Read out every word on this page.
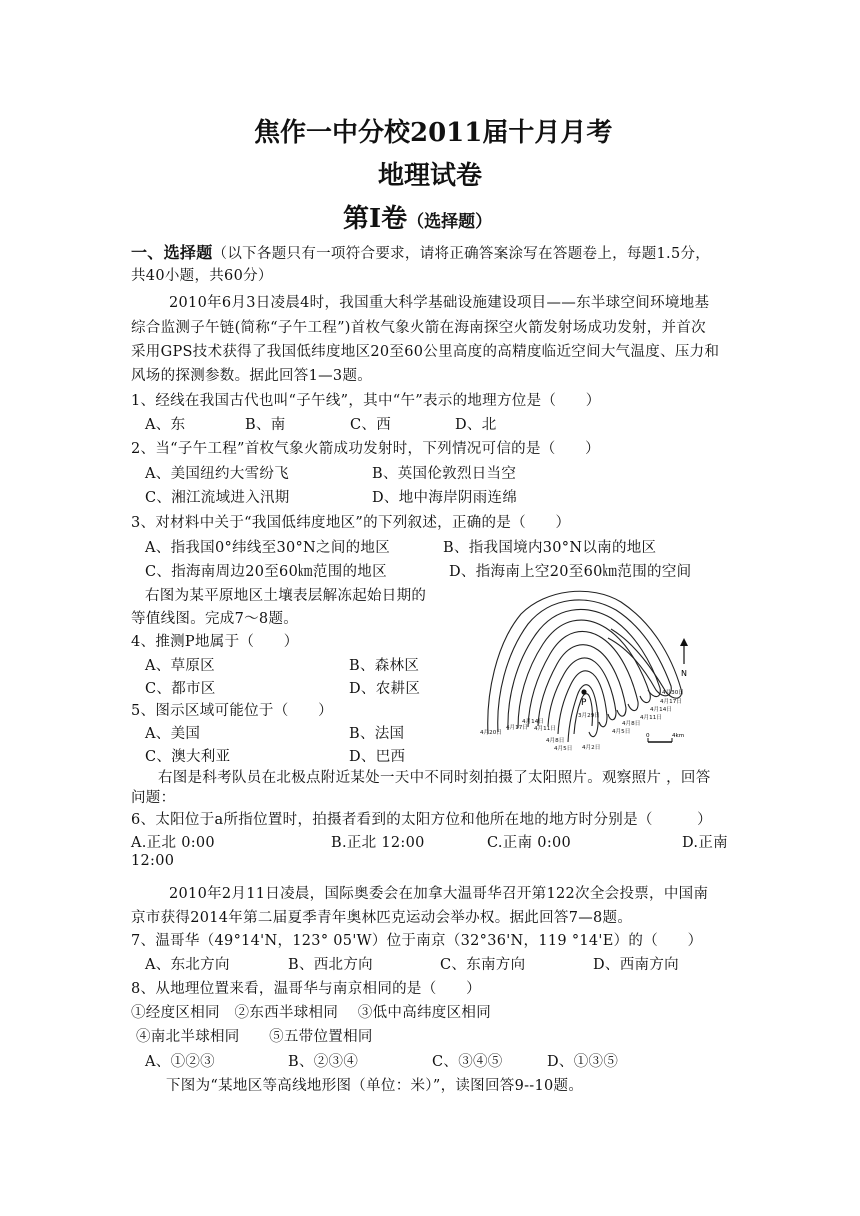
焦作一中分校2011届十月月考
地理试卷
第Ⅰ卷（选择题）
一、选择题（以下各题只有一项符合要求，请将正确答案涂写在答题卷上，每题1.5分，
共40小题，共60分）
2010年6月3日凌晨4时，我国重大科学基础设施建设项目——东半球空间环境地基
综合监测子午链(简称“子午工程”)首枚气象火箭在海南探空火箭发射场成功发射，并首次
采用GPS技术获得了我国低纬度地区20至60公里高度的高精度临近空间大气温度、压力和
风场的探测参数。据此回答1—3题。
1、经线在我国古代也叫“子午线”，其中“午”表示的地理方位是（　　）
A、东	B、南	C、西	D、北
2、当“子午工程”首枚气象火箭成功发射时，下列情况可信的是（　　）
A、美国纽约大雪纷飞	B、英国伦敦烈日当空
C、湘江流域进入汛期	D、地中海岸阴雨连绵
3、对材料中关于“我国低纬度地区”的下列叙述，正确的是（　　）
A、指我国0°纬线至30°N之间的地区	B、指我国境内30°N以南的地区
C、指海南周边20至60㎞范围的地区	D、指海南上空20至60㎞范围的空间
右图为某平原地区土壤表层解冻起始日期的
等值线图。完成7～8题。
4、推测P地属于（　　）
A、草原区	B、森林区
C、都市区	D、农耕区
5、图示区域可能位于（　　）
A、美国	B、法国
C、澳大利亚	D、巴西
P
N
4月30日
4月17日
4月14日
4月11日
4月8日
4月5日
3月29日
4月2日
4月5日
4月8日
4月11日
4月14日
4月17日
4月20日	0	4km
右图是科考队员在北极点附近某处一天中不同时刻拍摄了太阳照片。观察照片 ，回答
问题：
6、太阳位于a所指位置时，拍摄者看到的太阳方位和他所在地的地方时分别是（　　　）
A.正北 0:00	B.正北 12:00	C.正南 0:00	D.正南
12:00
2010年2月11日凌晨，国际奥委会在加拿大温哥华召开第122次全会投票，中国南
京市获得2014年第二届夏季青年奥林匹克运动会举办权。据此回答7—8题。
7、温哥华（49°14'N，123° 05'W）位于南京（32°36'N，119 °14'E）的（　　）
A、东北方向	B、西北方向	C、东南方向	D、西南方向
8、从地理位置来看，温哥华与南京相同的是（　　）
①经度区相同 ②东西半球相同 ③低中高纬度区相同
④南北半球相同 ⑤五带位置相同
A、①②③	B、②③④	C、③④⑤	D、①③⑤
下图为“某地区等高线地形图（单位：米）”，读图回答9--10题。
